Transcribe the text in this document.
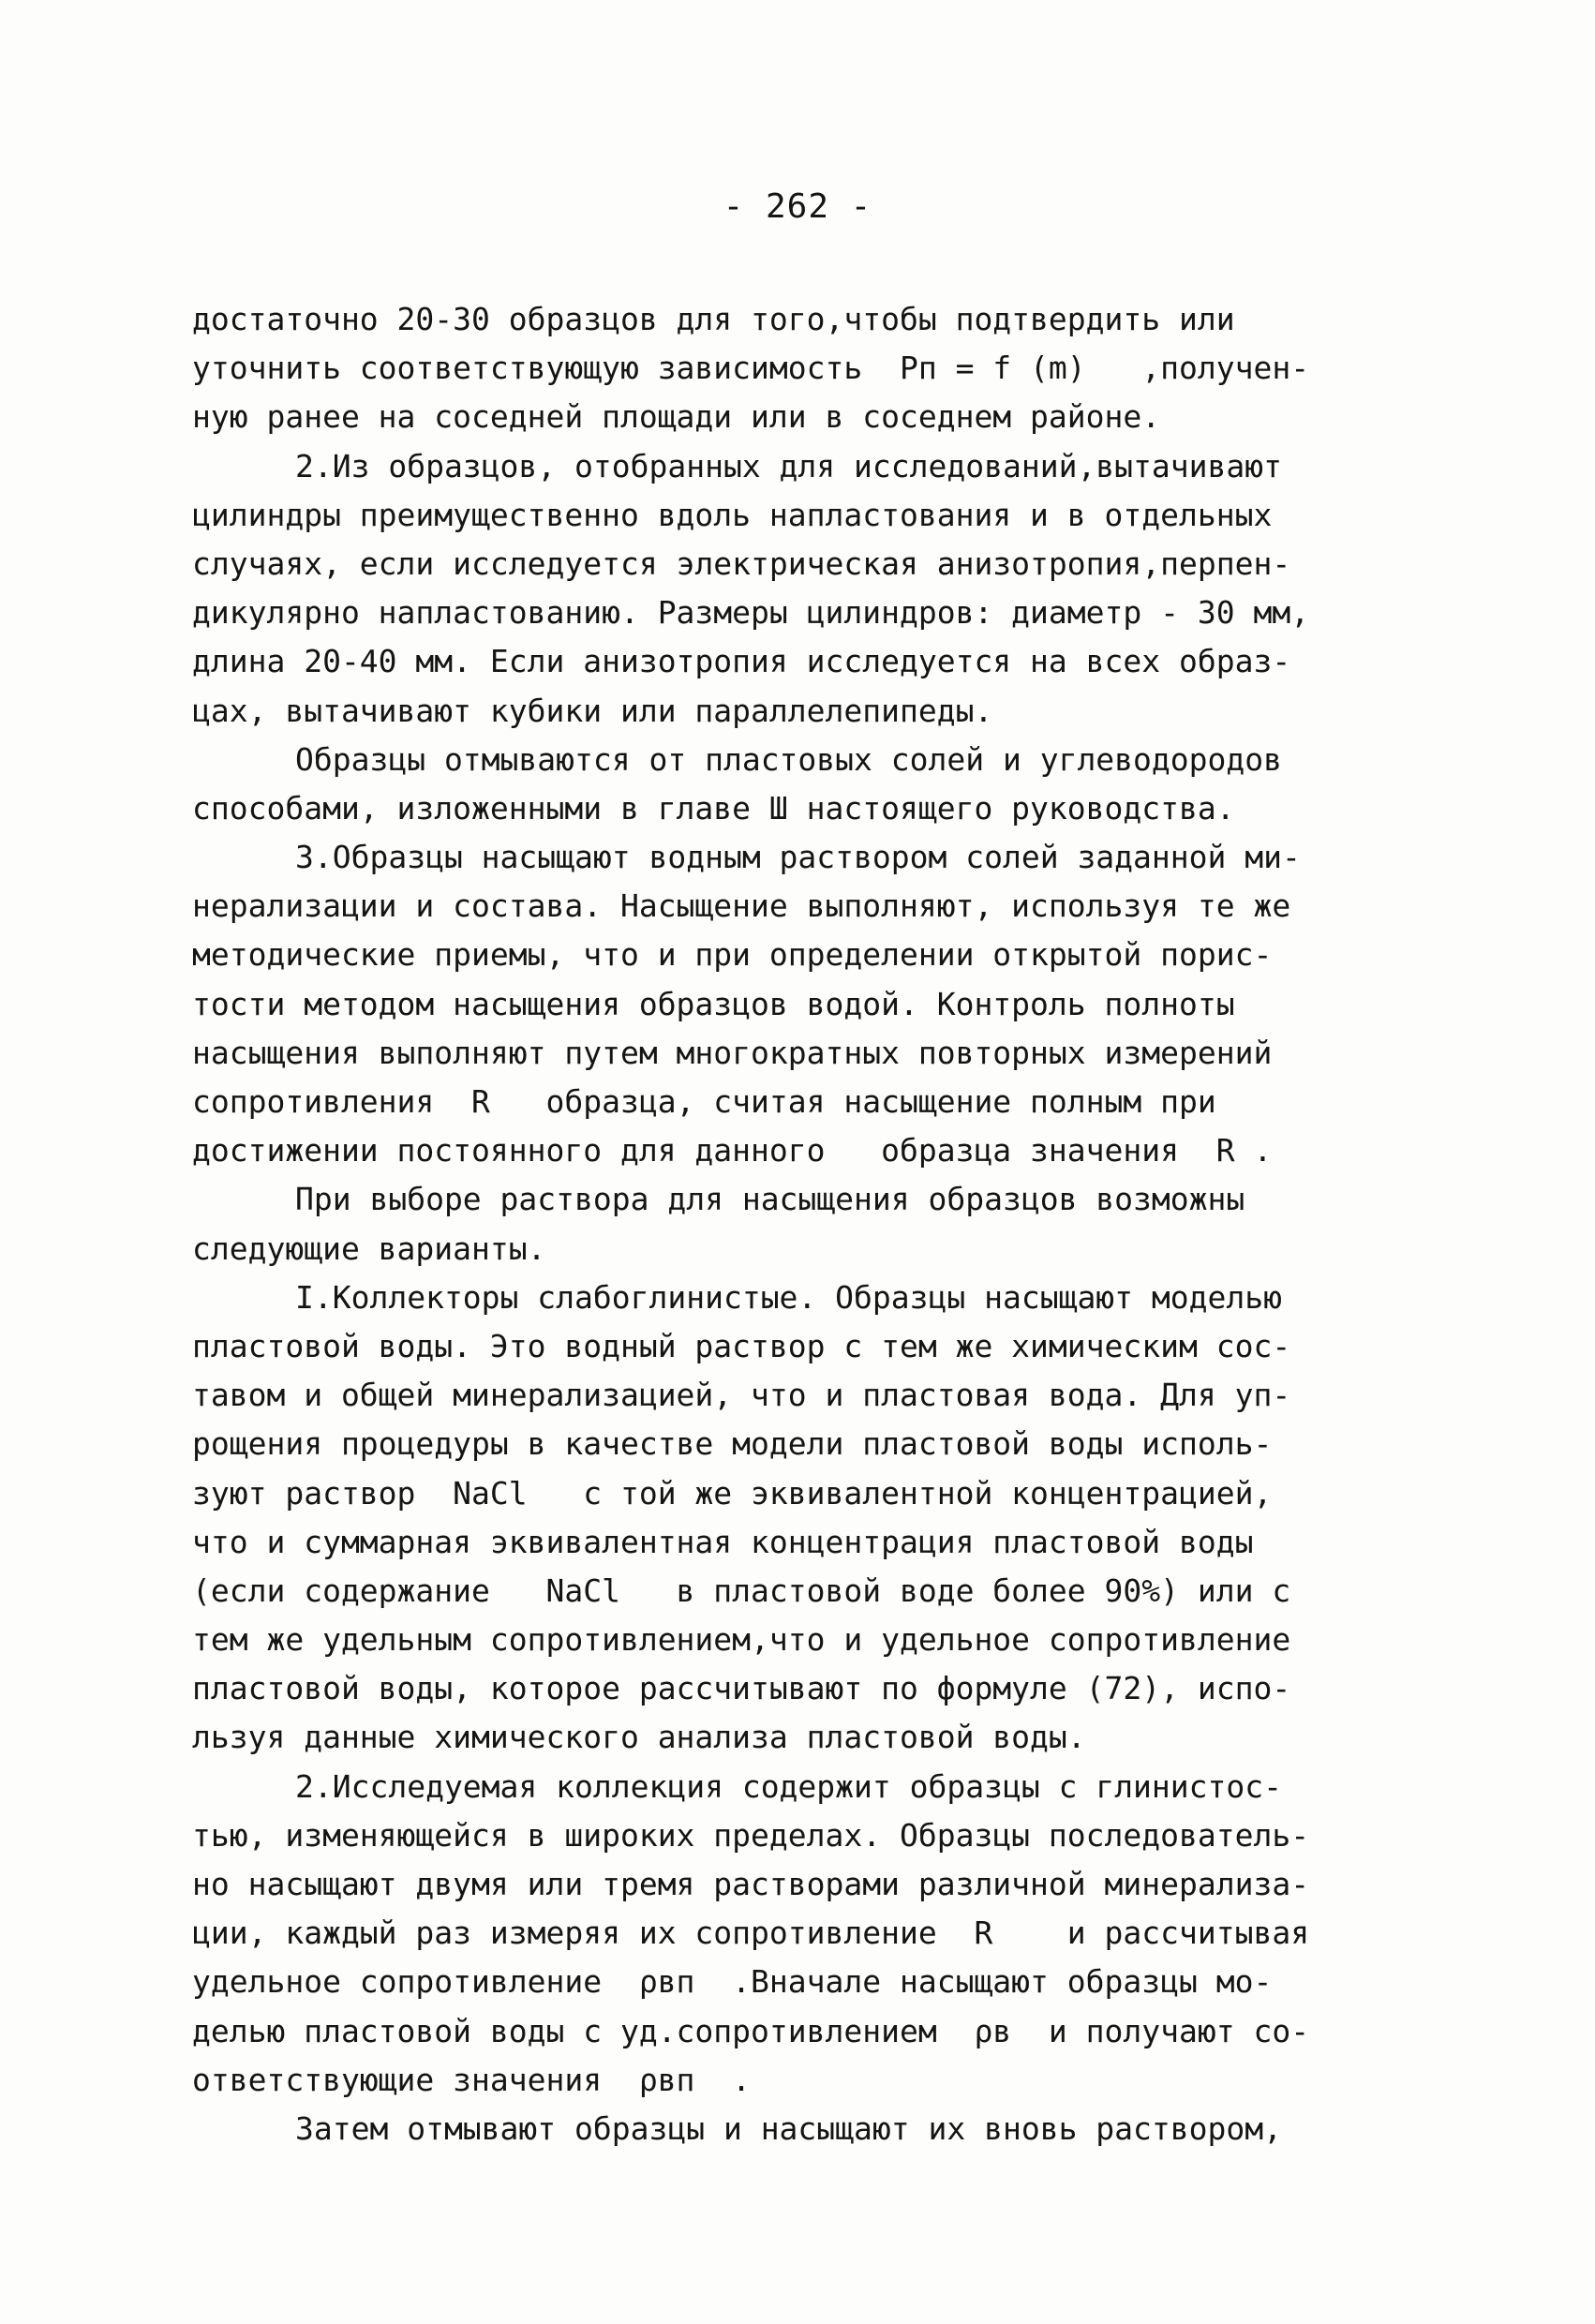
- 262 -
достаточно 20-30 образцов для того,чтобы подтвердить или
уточнить соответствующую зависимость  Pп = f (m)   ,получен-
ную ранее на соседней площади или в соседнем районе.
2.Из образцов, отобранных для исследований,вытачивают
цилиндры преимущественно вдоль напластования и в отдельных
случаях, если исследуется электрическая анизотропия,перпен-
дикулярно напластованию. Размеры цилиндров: диаметр - 30 мм,
длина 20-40 мм. Если анизотропия исследуется на всех образ-
цах, вытачивают кубики или параллелепипеды.
Образцы отмываются от пластовых солей и углеводородов
способами, изложенными в главе Ш настоящего руководства.
3.Образцы насыщают водным раствором солей заданной ми-
нерализации и состава. Насыщение выполняют, используя те же
методические приемы, что и при определении открытой порис-
тости методом насыщения образцов водой. Контроль полноты
насыщения выполняют путем многократных повторных измерений
сопротивления  R   образца, считая насыщение полным при
достижении постоянного для данного   образца значения  R .
При выборе раствора для насыщения образцов возможны
следующие варианты.
I.Коллекторы слабоглинистые. Образцы насыщают моделью
пластовой воды. Это водный раствор с тем же химическим сос-
тавом и общей минерализацией, что и пластовая вода. Для уп-
рощения процедуры в качестве модели пластовой воды исполь-
зуют раствор  NaCl   с той же эквивалентной концентрацией,
что и суммарная эквивалентная концентрация пластовой воды
(если содержание   NaCl   в пластовой воде более 90%) или с
тем же удельным сопротивлением,что и удельное сопротивление
пластовой воды, которое рассчитывают по формуле (72), испо-
льзуя данные химического анализа пластовой воды.
2.Исследуемая коллекция содержит образцы с глинистос-
тью, изменяющейся в широких пределах. Образцы последователь-
но насыщают двумя или тремя растворами различной минерализа-
ции, каждый раз измеряя их сопротивление  R    и рассчитывая
удельное сопротивление  ρвп  .Вначале насыщают образцы мо-
делью пластовой воды с уд.сопротивлением  ρв  и получают со-
ответствующие значения  ρвп  .
Затем отмывают образцы и насыщают их вновь раствором,
